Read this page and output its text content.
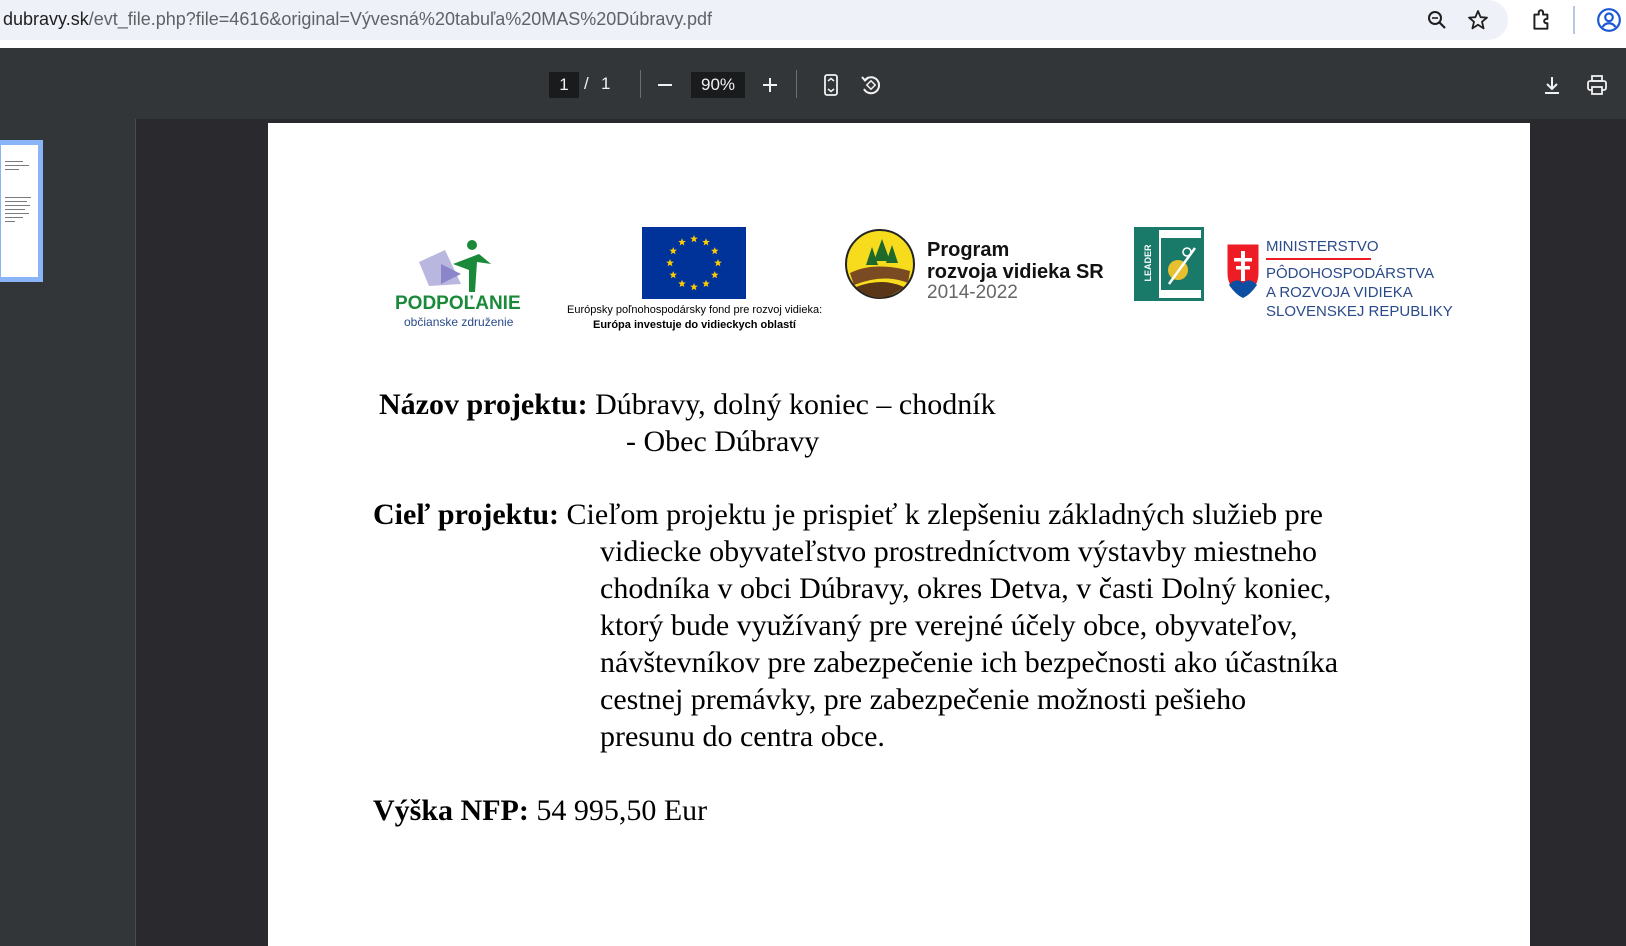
dubravy.sk/evt_file.php?file=4616&original=Vývesná%20tabuľa%20MAS%20Dúbravy.pdf
1 / 1	90%
PODPOĽANIE
občianske združenie
Európsky poľnohospodársky fond pre rozvoj vidieka:
Európa investuje do vidieckych oblastí
Program
rozvoja vidieka SR
2014-2022
LEADER	MINISTERSTVO
PÔDOHOSPODÁRSTVA
A ROZVOJA VIDIEKA
SLOVENSKEJ REPUBLIKY
Názov projektu: Dúbravy, dolný koniec – chodník
- Obec Dúbravy
Cieľ projektu: Cieľom projektu je prispieť k zlepšeniu základných služieb pre
vidiecke obyvateľstvo prostredníctvom výstavby miestneho
chodníka v obci Dúbravy, okres Detva, v časti Dolný koniec,
ktorý bude využívaný pre verejné účely obce, obyvateľov,
návštevníkov pre zabezpečenie ich bezpečnosti ako účastníka
cestnej premávky, pre zabezpečenie možnosti pešieho
presunu do centra obce.
Výška NFP: 54 995,50 Eur
